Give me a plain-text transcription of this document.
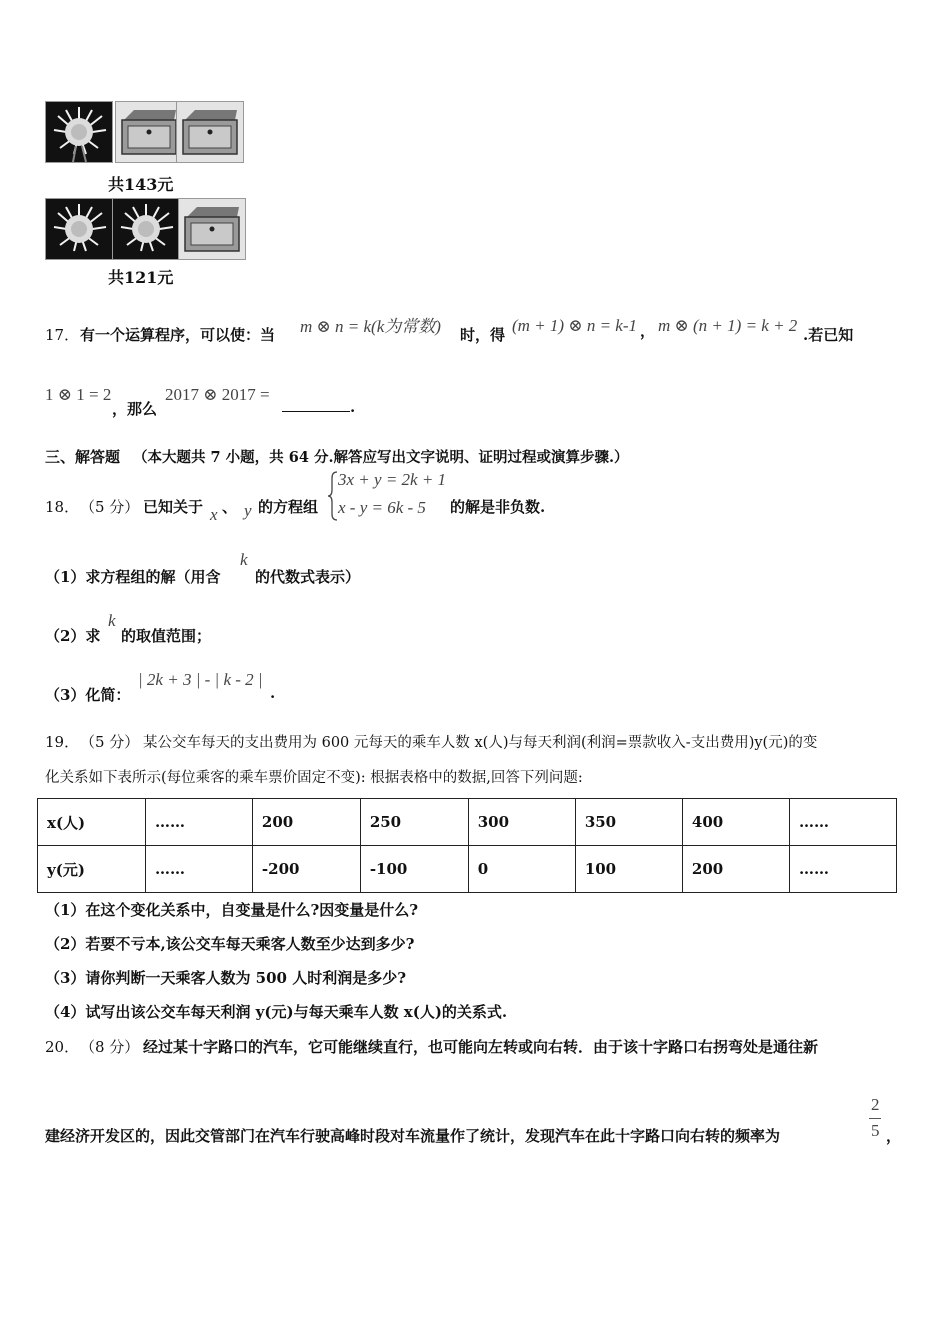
共143元
共121元
17． 有一个运算程序，可以使：当 m ⊗ n = k(k为常数) 时，得 (m + 1) ⊗ n = k-1 ， m ⊗ (n + 1) = k + 2 .若已知
1 ⊗ 1 = 2
，那么
2017 ⊗ 2017 =
.
三、解答题 （本大题共 7 小题，共 64 分.解答应写出文字说明、证明过程或演算步骤.）
18． （5 分） 已知关于 x 、 y 的方程组
3x + y = 2k + 1
x - y = 6k - 5 的解是非负数.
（1）求方程组的解（用含
k
的代数式表示）
（2）求
k
的取值范围；
（3）化简：
| 2k + 3 | - | k - 2 |
.
19． （5 分） 某公交车每天的支出费用为 600 元每天的乘车人数 x(人)与每天利润(利润=票款收入-支出费用)y(元)的变
化关系如下表所示(每位乘客的乘车票价固定不变): 根据表格中的数据,回答下列问题:
x(人)	……	200	250	300	350	400	……
y(元)	……	-200	-100	0	100	200	……
（1）在这个变化关系中，自变量是什么?因变量是什么?
（2）若要不亏本,该公交车每天乘客人数至少达到多少?
（3）请你判断一天乘客人数为 500 人时利润是多少?
（4）试写出该公交车每天利润 y(元)与每天乘车人数 x(人)的关系式.
20． （8 分） 经过某十字路口的汽车，它可能继续直行，也可能向左转或向右转．由于该十字路口右拐弯处是通往新
建经济开发区的，因此交管部门在汽车行驶高峰时段对车流量作了统计，发现汽车在此十字路口向右转的频率为
2
5 ，
